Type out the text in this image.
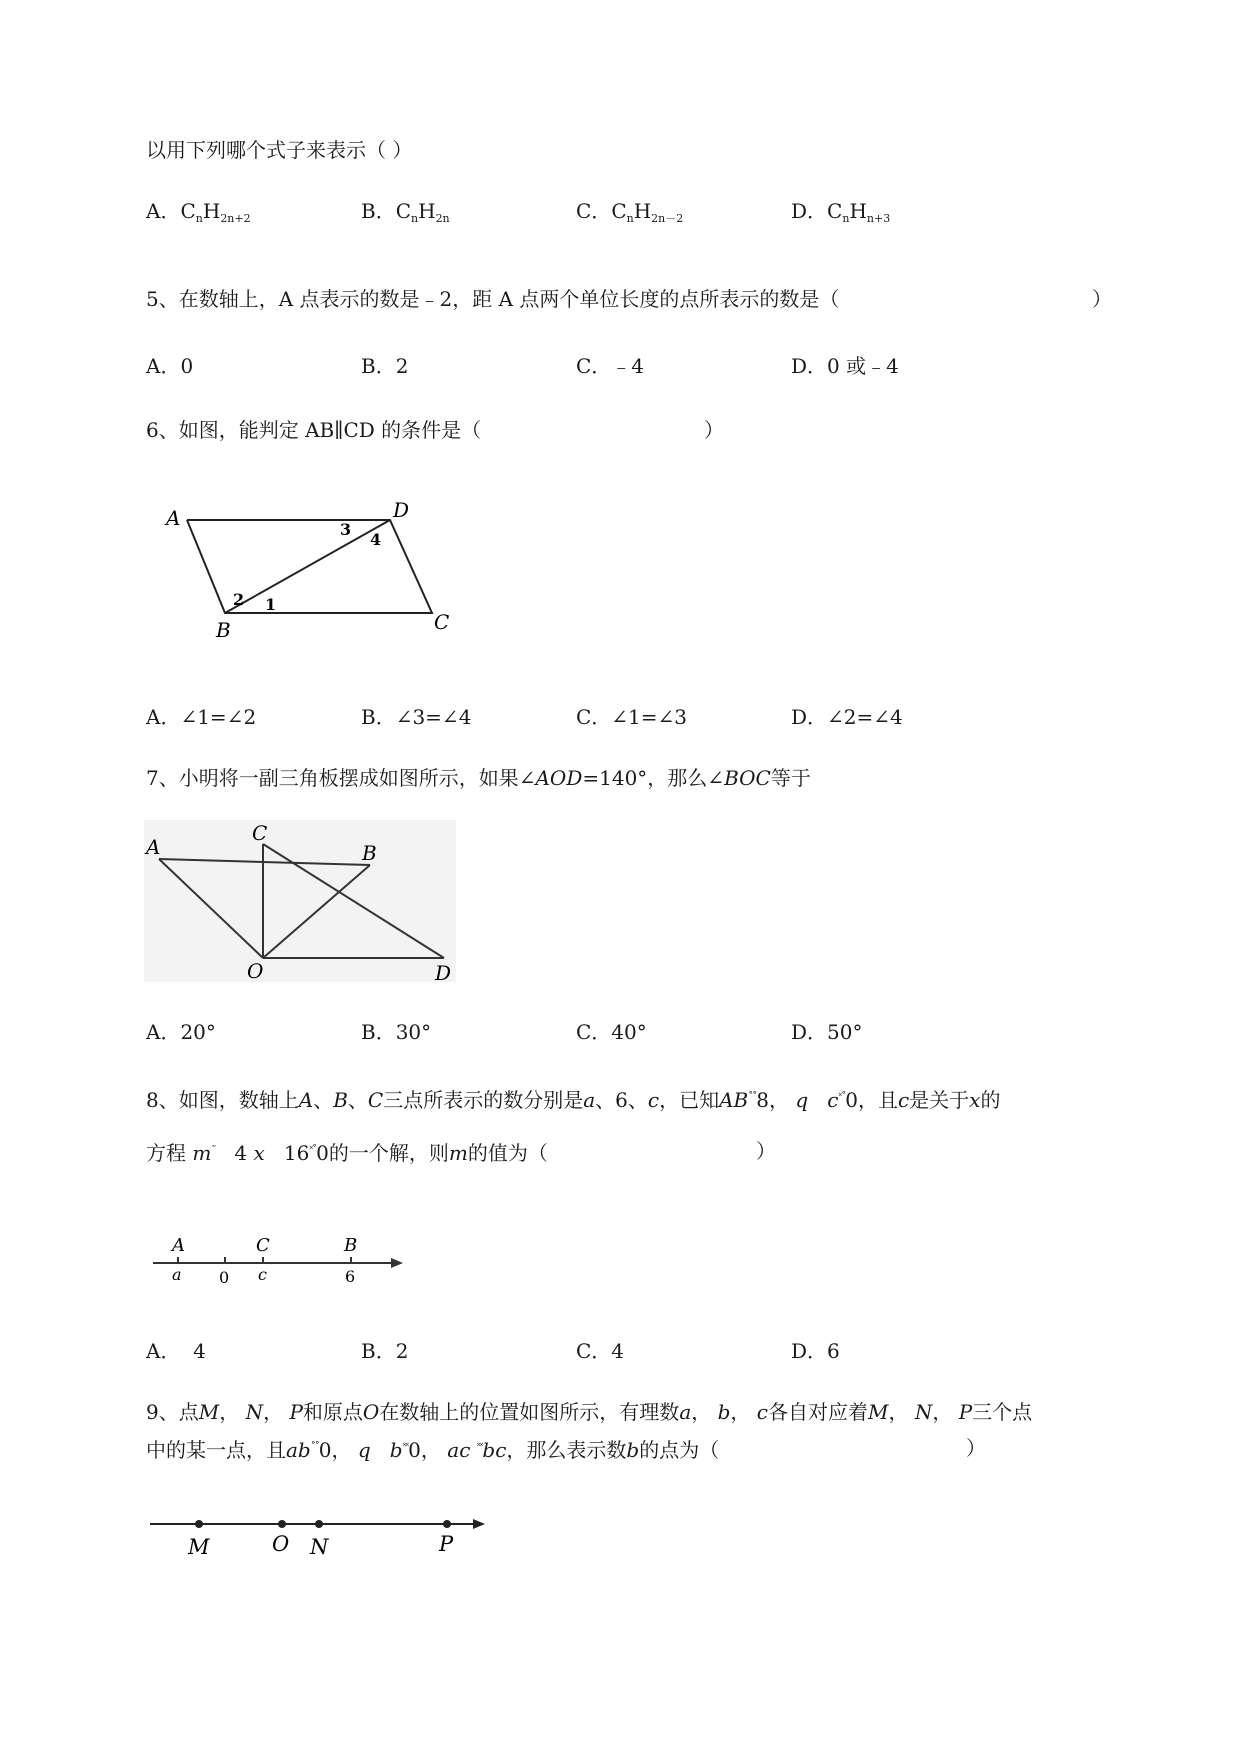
以用下列哪个式子来表示（ ）
A．$C_nH_{2n+2}$	B．$C_nH_{2n}$	C．$C_nH_{2n-2}$	D．$C_nH_{n+3}$
5、在数轴上，A 点表示的数是﹣2，距 A 点两个单位长度的点所表示的数是（	）
A．0	B．2	C．﹣4	D．0 或﹣4
6、如图，能判定 AB∥CD 的条件是（	）
A	D
C
B
2 1
3
4
A．∠1=∠2	B．∠3=∠4	C．∠1=∠3	D．∠2=∠4
7、小明将一副三角板摆成如图所示，如果∠AOD=140°，那么∠BOC等于
A
C
B
O	D
A．20°	B．30°	C．40°	D．50°
8、如图，数轴上A、B、C三点所表示的数分别是a、6、c，已知AB˚˚8， q c˟˚0，且c是关于x的
方程 m˜ 4 x 16˟˚0的一个解，则m的值为（	）
A	C	B
a 0 c	6
A． 4	B．2	C．4	D．6
9、点M， N， P和原点O在数轴上的位置如图所示，有理数a， b， c各自对应着M， N， P三个点
中的某一点，且ab˚˚0， q b˟˟0， ac ˟˟bc，那么表示数b的点为（	）
M	O N	P
